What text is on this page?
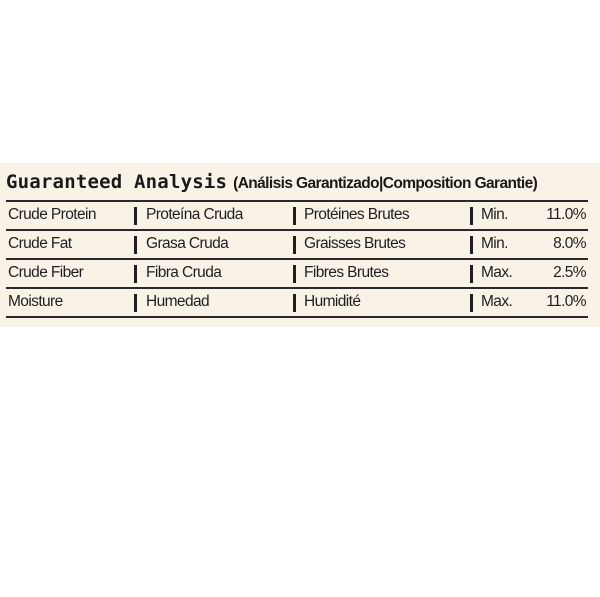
Guaranteed Analysis (Análisis Garantizado|Composition Garantie)
Crude Protein	Proteína Cruda	Protéines Brutes	Min. 11.0%
Crude Fat	Grasa Cruda	Graisses Brutes	Min.	8.0%
Crude Fiber	Fibra Cruda	Fibres Brutes	Max.	2.5%
Moisture	Humedad	Humidité	Max. 11.0%
